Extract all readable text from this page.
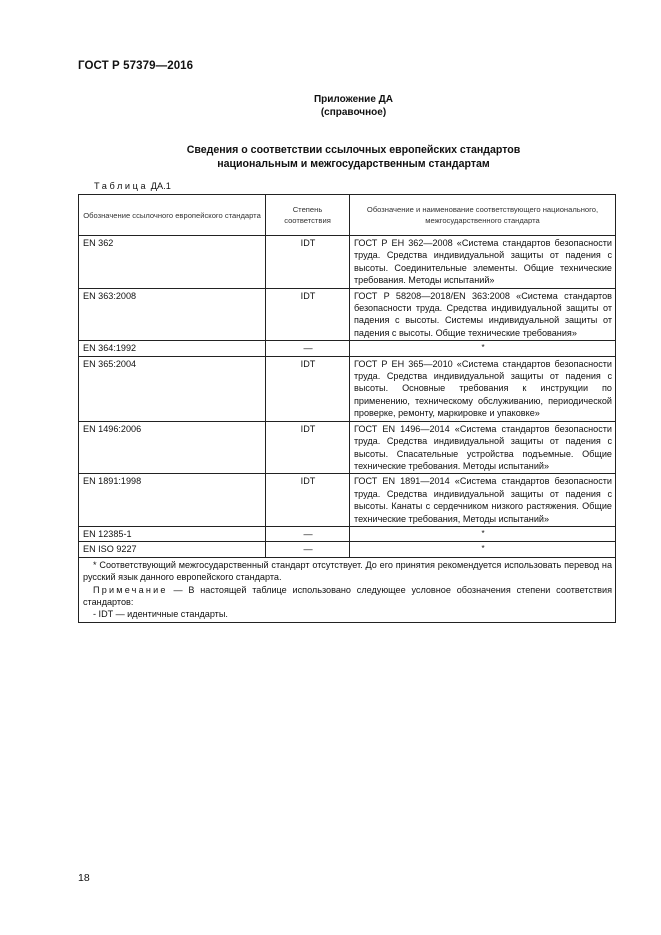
ГОСТ Р 57379—2016
Приложение ДА
(справочное)
Сведения о соответствии ссылочных европейских стандартов
национальным и межгосударственным стандартам
Таблица ДА.1
Обозначение ссылочного европейского стандарта	Степень соответствия	Обозначение и наименование соответствующего национального, межгосударственного стандарта
EN 362	IDT	ГОСТ Р ЕН 362—2008 «Система стандартов безопасности труда. Средства индивидуальной защиты от падения с высоты. Соединительные элементы. Общие технические требования. Методы испытаний»
EN 363:2008	IDT	ГОСТ Р 58208—2018/EN 363:2008 «Система стандартов безопасности труда. Средства индивидуальной защиты от падения с высоты. Системы индивидуальной защиты от падения с высоты. Общие технические требования»
EN 364:1992	—	*
EN 365:2004	IDT	ГОСТ Р ЕН 365—2010 «Система стандартов безопасности труда. Средства индивидуальной защиты от падения с высоты. Основные требования к инструкции по применению, техническому обслуживанию, периодической проверке, ремонту, маркировке и упаковке»
EN 1496:2006	IDT	ГОСТ EN 1496—2014 «Система стандартов безопасности труда. Средства индивидуальной защиты от падения с высоты. Спасательные устройства подъемные. Общие технические требования. Методы испытаний»
EN 1891:1998	IDT	ГОСТ EN 1891—2014 «Система стандартов безопасности труда. Средства индивидуальной защиты от падения с высоты. Канаты с сердечником низкого растяжения. Общие технические требования, Методы испытаний»
EN 12385-1	—	*
EN ISO 9227	—	*

* Соответствующий межгосударственный стандарт отсутствует. До его принятия рекомендуется использовать перевод на русский язык данного европейского стандарта.

Примечание — В настоящей таблице использовано следующее условное обозначения степени соответствия стандартов:

- IDT — идентичные стандарты.		

18
